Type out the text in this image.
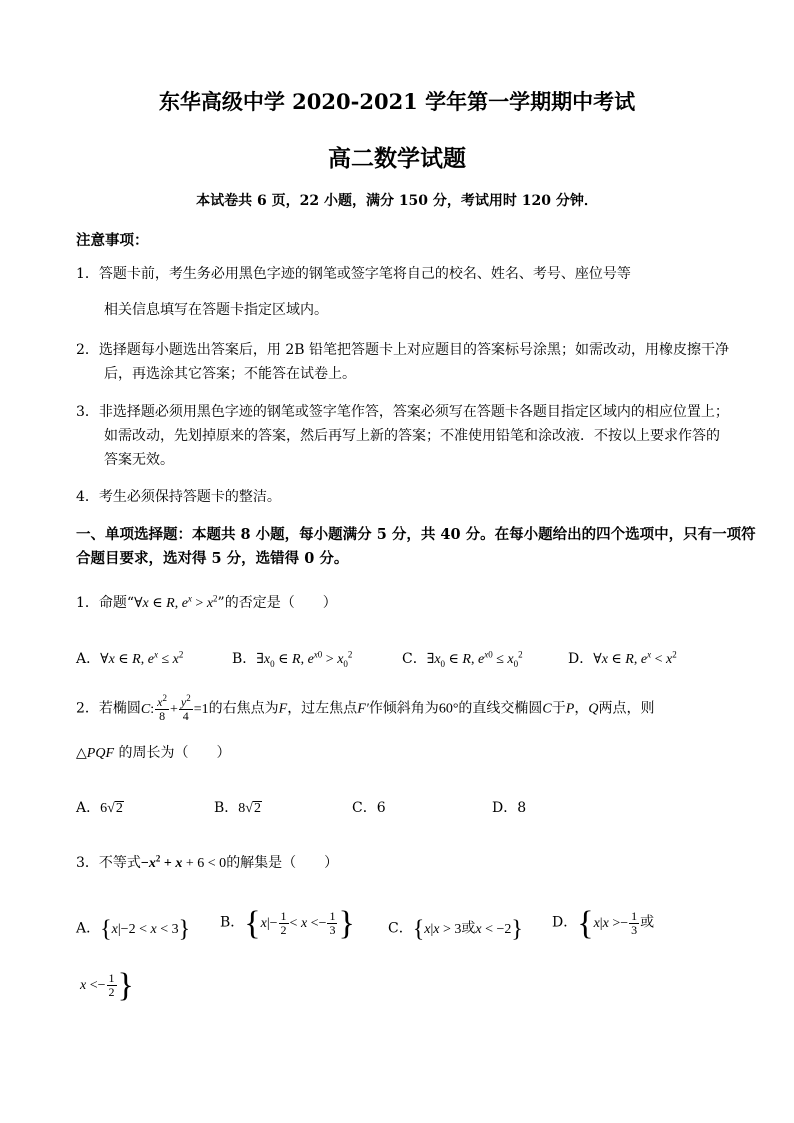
东华高级中学 2020-2021 学年第一学期期中考试
高二数学试题
本试卷共 6 页，22 小题，满分 150 分，考试用时 120 分钟．
注意事项：
1．答题卡前，考生务必用黑色字迹的钢笔或签字笔将自己的校名、姓名、考号、座位号等
相关信息填写在答题卡指定区域内。
2．选择题每小题选出答案后，用 2B 铅笔把答题卡上对应题目的答案标号涂黑；如需改动，用橡皮擦干净
后，再选涂其它答案；不能答在试卷上。
3．非选择题必须用黑色字迹的钢笔或签字笔作答，答案必须写在答题卡各题目指定区域内的相应位置上；
如需改动，先划掉原来的答案，然后再写上新的答案；不准使用铅笔和涂改液．不按以上要求作答的
答案无效。
4．考生必须保持答题卡的整洁。
一、单项选择题：本题共 8 小题，每小题满分 5 分，共 40 分。在每小题给出的四个选项中，只有一项符
合题目要求，选对得 5 分，选错得 0 分。
1．命题“∀x ∈ R, $e^x > x^2$”的否定是（　　）
A．∀x ∈ R, $e^x \le x^2$	B．$\exists x_0$ ∈ R, $e^{x0} > x_0^2$	C．$\exists x_0$ ∈ R, $e^{x0} \le x_0^2$	D．∀x ∈ R, $e^x < x^2$
2．若椭圆C: $\frac{x^2}{8} + \frac{y^2}{4} =1$的右焦点为F，过左焦点F′作倾斜角为60°的直线交椭圆C于P，Q两点，则
△PQF 的周长为（　　）
A．6√2	B．8√2	C．6	D．8
3．不等式$-x^2 + x + 6 < 0$的解集是（　　）
A．{x|−2 < x < 3} B．{$x|- \frac{1}{2} < x <- \frac{1}{3}$ } C．{x|x > 3或x < −2} D．{$x|x >- \frac{1}{3}$ 或
$x <- \frac{1}{2}$ }
